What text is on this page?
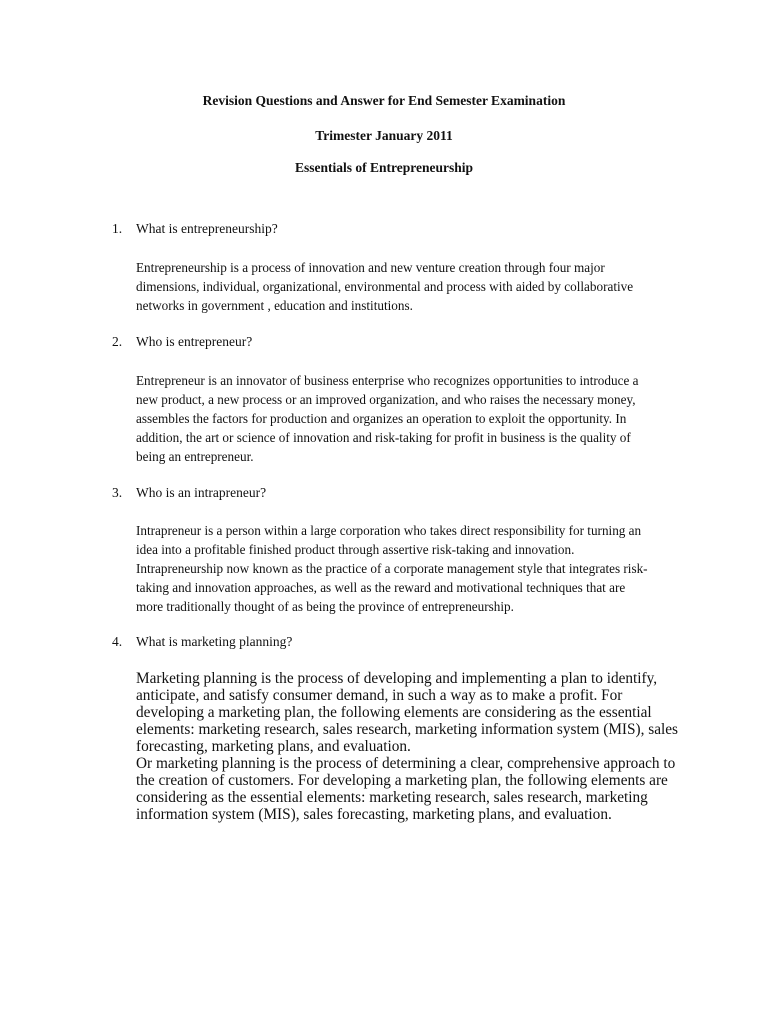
Revision Questions and Answer for End Semester Examination
Trimester January 2011
Essentials of Entrepreneurship
1. What is entrepreneurship?
Entrepreneurship is a process of innovation and new venture creation through four major
dimensions, individual, organizational, environmental and process with aided by collaborative
networks in government , education and institutions.
2. Who is entrepreneur?
Entrepreneur is an innovator of business enterprise who recognizes opportunities to introduce a
new product, a new process or an improved organization, and who raises the necessary money,
assembles the factors for production and organizes an operation to exploit the opportunity. In
addition, the art or science of innovation and risk-taking for profit in business is the quality of
being an entrepreneur.
3. Who is an intrapreneur?
Intrapreneur is a person within a large corporation who takes direct responsibility for turning an
idea into a profitable finished product through assertive risk-taking and innovation.
Intrapreneurship now known as the practice of a corporate management style that integrates risk-
taking and innovation approaches, as well as the reward and motivational techniques that are
more traditionally thought of as being the province of entrepreneurship.
4. What is marketing planning?
Marketing planning is the process of developing and implementing a plan to identify,
anticipate, and satisfy consumer demand, in such a way as to make a profit. For
developing a marketing plan, the following elements are considering as the essential
elements: marketing research, sales research, marketing information system (MIS), sales
forecasting, marketing plans, and evaluation.
Or marketing planning is the process of determining a clear, comprehensive approach to
the creation of customers. For developing a marketing plan, the following elements are
considering as the essential elements: marketing research, sales research, marketing
information system (MIS), sales forecasting, marketing plans, and evaluation.
